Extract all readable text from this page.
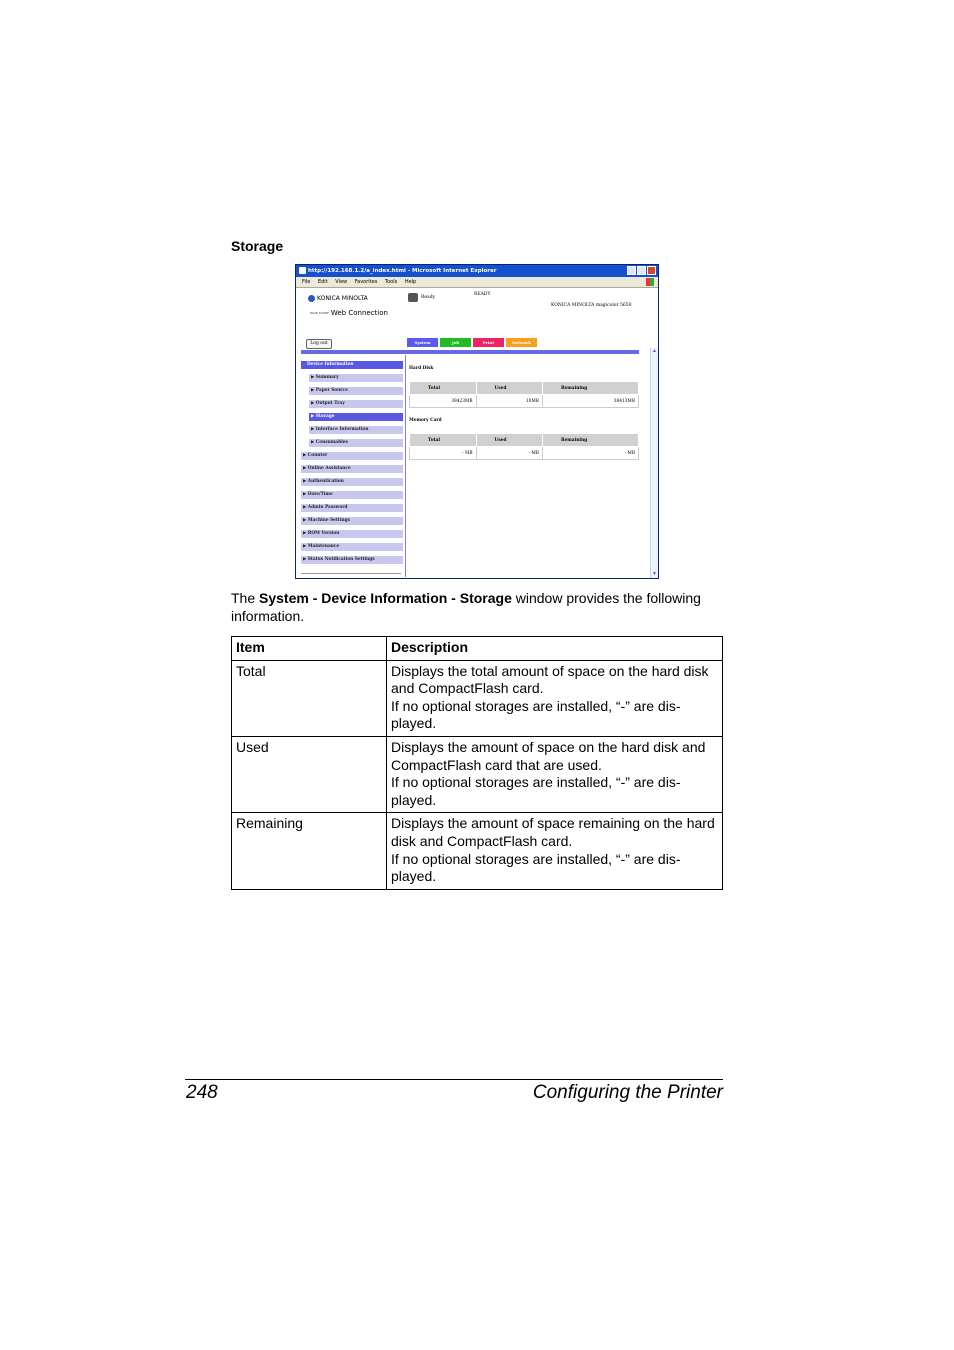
Storage
http://192.168.1.2/a_index.html - Microsoft Internet Explorer
File Edit View Favorites Tools Help
KONICA MINOLTA
PAGE SCOPE Web Connection
Ready
READY
KONICA MINOLTA magicolor 5650
Log out	System	Job	Print	Network
▲
▼
Device Information
▶ Summary
▶ Paper Source
▶ Output Tray
▶ Storage
▶ Interface Information
▶ Consumables
▶ Counter
▶ Online Assistance
▶ Authentication
▶ Date/Time
▶ Admin Password
▶ Machine Settings
▶ ROM Version
▶ Maintenance
▶ Status Notification Settings
Hard Disk
Total	Used	Remaining
38423MB	10MB	38413MB
Memory Card
Total	Used	Remaining
- MB	- MB	- MB
The System - Device Information - Storage window provides the following information.
Item	Description
Total	Displays the total amount of space on the hard disk
and CompactFlash card.
If no optional storages are installed, “-” are dis-
played.

Used	Displays the amount of space on the hard disk and
CompactFlash card that are used.
If no optional storages are installed, “-” are dis-
played.

Remaining	Displays the amount of space remaining on the hard
disk and CompactFlash card.
If no optional storages are installed, “-” are dis-
played.
248	Configuring the Printer
